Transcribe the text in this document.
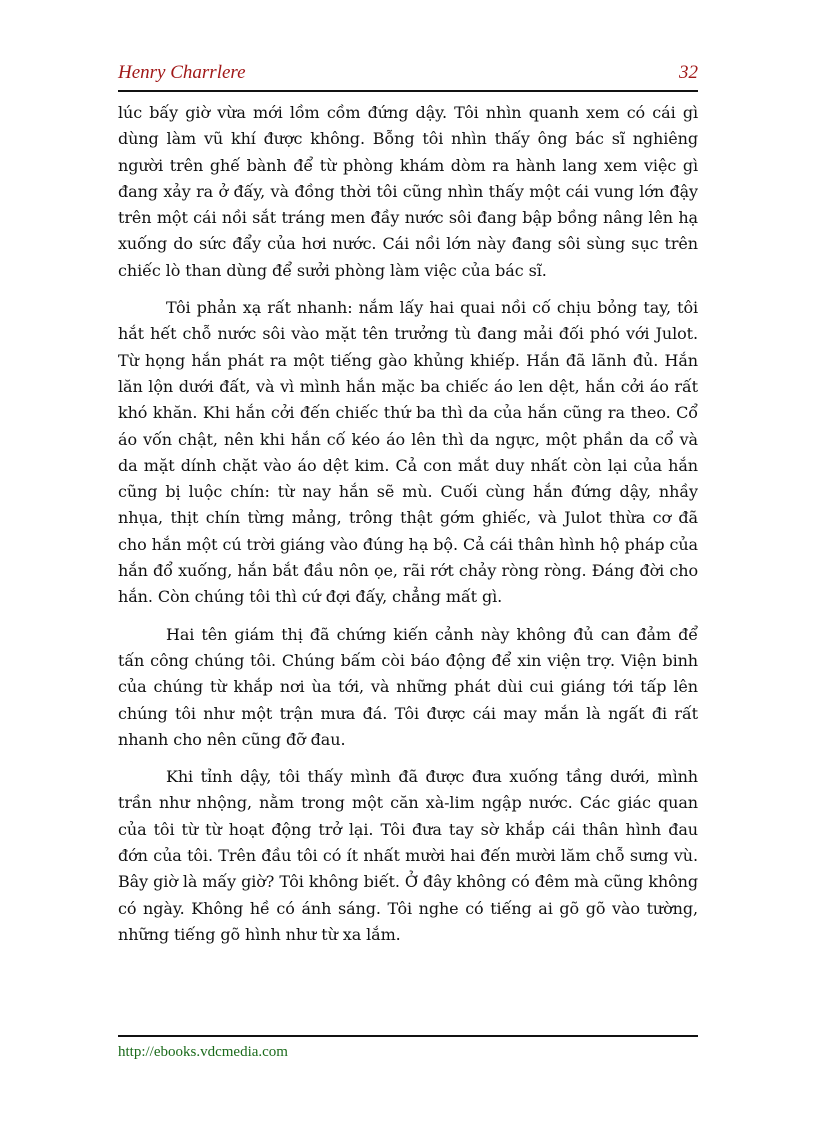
Henry Charrlere	32

lúc bấy giờ vừa mới lồm cồm đứng dậy. Tôi nhìn quanh xem có cái gì dùng làm vũ khí được không. Bỗng tôi nhìn thấy ông bác sĩ nghiêng người trên ghế bành để từ phòng khám dòm ra hành lang xem việc gì đang xảy ra ở đấy, và đồng thời tôi cũng nhìn thấy một cái vung lớn đậy trên một cái nồi sắt tráng men đầy nước sôi đang bập bồng nâng lên hạ xuống do sức đẩy của hơi nước. Cái nồi lớn này đang sôi sùng sục trên chiếc lò than dùng để sưởi phòng làm việc của bác sĩ.

Tôi phản xạ rất nhanh: nắm lấy hai quai nồi cố chịu bỏng tay, tôi hắt hết chỗ nước sôi vào mặt tên trưởng tù đang mải đối phó với Julot. Từ họng hắn phát ra một tiếng gào khủng khiếp. Hắn đã lãnh đủ. Hắn lăn lộn dưới đất, và vì mình hắn mặc ba chiếc áo len dệt, hắn cởi áo rất khó khăn. Khi hắn cởi đến chiếc thứ ba thì da của hắn cũng ra theo. Cổ áo vốn chật, nên khi hắn cố kéo áo lên thì da ngực, một phần da cổ và da mặt dính chặt vào áo dệt kim. Cả con mắt duy nhất còn lại của hắn cũng bị luộc chín: từ nay hắn sẽ mù. Cuối cùng hắn đứng dậy, nhầy nhụa, thịt chín từng mảng, trông thật gớm ghiếc, và Julot thừa cơ đã cho hắn một cú trời giáng vào đúng hạ bộ. Cả cái thân hình hộ pháp của hắn đổ xuống, hắn bắt đầu nôn ọe, rãi rớt chảy ròng ròng. Đáng đời cho hắn. Còn chúng tôi thì cứ đợi đấy, chẳng mất gì.

Hai tên giám thị đã chứng kiến cảnh này không đủ can đảm để tấn công chúng tôi. Chúng bấm còi báo động để xin viện trợ. Viện binh của chúng từ khắp nơi ùa tới, và những phát dùi cui giáng tới tấp lên chúng tôi như một trận mưa đá. Tôi được cái may mắn là ngất đi rất nhanh cho nên cũng đỡ đau.

Khi tỉnh dậy, tôi thấy mình đã được đưa xuống tầng dưới, mình trần như nhộng, nằm trong một căn xà-lim ngập nước. Các giác quan của tôi từ từ hoạt động trở lại. Tôi đưa tay sờ khắp cái thân hình đau đớn của tôi. Trên đầu tôi có ít nhất mười hai đến mười lăm chỗ sưng vù. Bây giờ là mấy giờ? Tôi không biết. Ở đây không có đêm mà cũng không có ngày. Không hề có ánh sáng. Tôi nghe có tiếng ai gõ gõ vào tường, những tiếng gõ hình như từ xa lắm.

http://ebooks.vdcmedia.com
